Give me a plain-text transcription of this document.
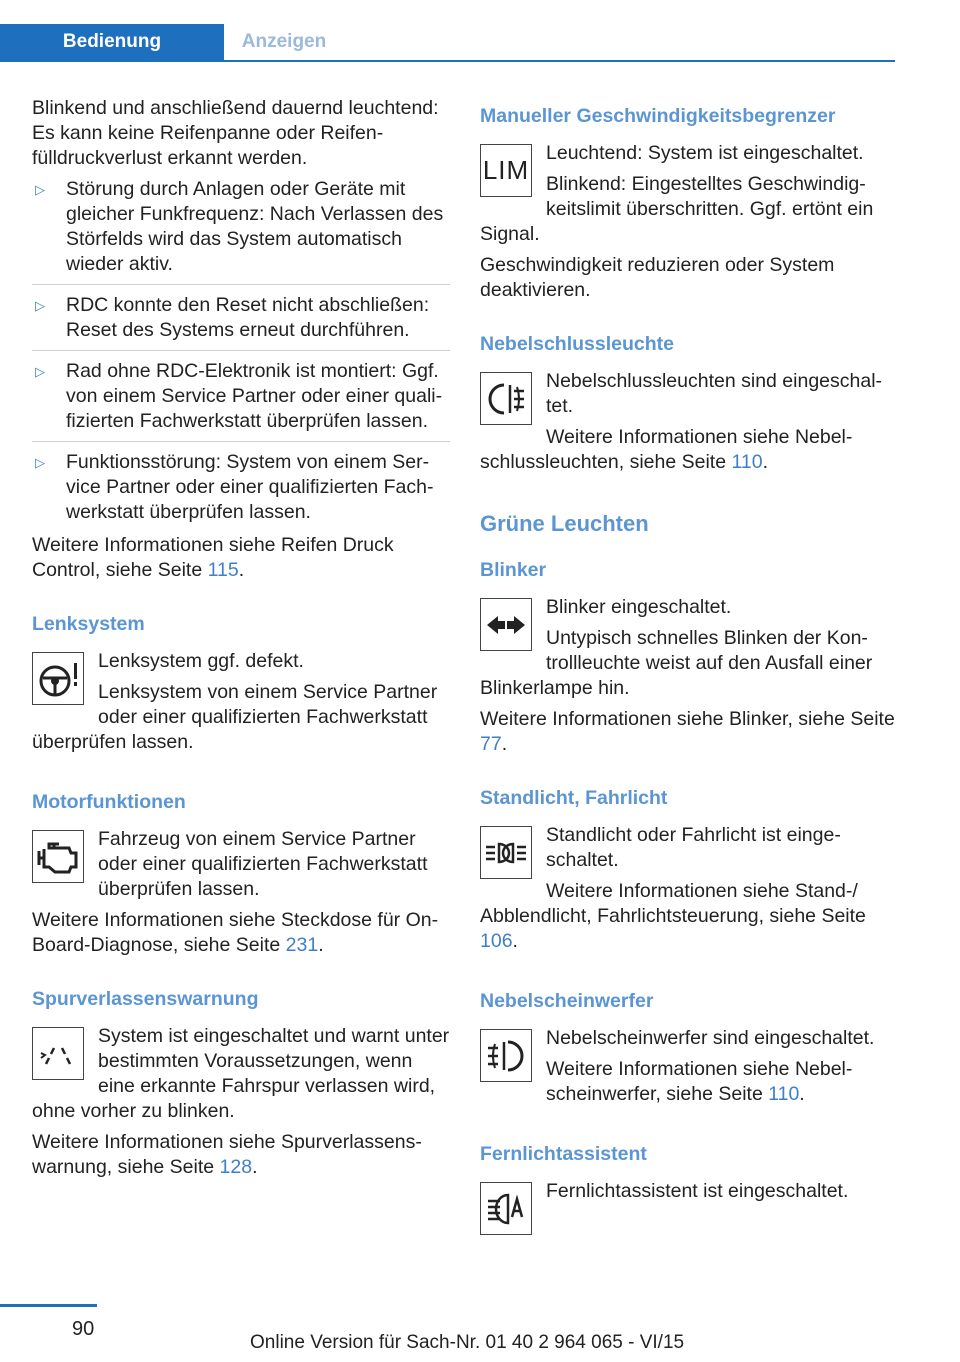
Bedienung	Anzeigen

Blinkend und anschließend dauernd leuchtend: Es kann keine Reifenpanne oder Reifenfülldruckverlust erkannt werden.

▷ Störung durch Anlagen oder Geräte mit gleicher Funkfrequenz: Nach Verlassen des Störfelds wird das System automatisch wieder aktiv.
▷ RDC konnte den Reset nicht abschließen: Reset des Systems erneut durchführen.
▷ Rad ohne RDC-Elektronik ist montiert: Ggf. von einem Service Partner oder einer qualifizierten Fachwerkstatt überprüfen lassen.
▷ Funktionsstörung: System von einem Service Partner oder einer qualifizierten Fachwerkstatt überprüfen lassen.

Weitere Informationen siehe Reifen Druck Control, siehe Seite 115.

Lenksystem

Lenksystem ggf. defekt.

Lenksystem von einem Service Partner oder einer qualifizierten Fachwerkstatt überprüfen lassen.

Motorfunktionen

Fahrzeug von einem Service Partner oder einer qualifizierten Fachwerkstatt überprüfen lassen.

Weitere Informationen siehe Steckdose für On-Board-Diagnose, siehe Seite 231.

Spurverlassenswarnung

System ist eingeschaltet und warnt unter bestimmten Voraussetzungen, wenn eine erkannte Fahrspur verlassen wird, ohne vorher zu blinken.

Weitere Informationen siehe Spurverlassenswarnung, siehe Seite 128.

Manueller Geschwindigkeitsbegrenzer
LIM

Leuchtend: System ist eingeschaltet.

Blinkend: Eingestelltes Geschwindigkeitslimit überschritten. Ggf. ertönt ein Signal.

Geschwindigkeit reduzieren oder System deaktivieren.

Nebelschlussleuchte

Nebelschlussleuchten sind eingeschaltet.

Weitere Informationen siehe Nebelschlussleuchten, siehe Seite 110.

Grüne Leuchten
Blinker

Blinker eingeschaltet.

Untypisch schnelles Blinken der Kontrollleuchte weist auf den Ausfall einer Blinkerlampe hin.

Weitere Informationen siehe Blinker, siehe Seite 77.

Standlicht, Fahrlicht

Standlicht oder Fahrlicht ist eingeschaltet.

Weitere Informationen siehe Stand-/ Abblendlicht, Fahrlichtsteuerung, siehe Seite 106.

Nebelscheinwerfer

Nebelscheinwerfer sind eingeschaltet.

Weitere Informationen siehe Nebelscheinwerfer, siehe Seite 110.

Fernlichtassistent

Fernlichtassistent ist eingeschaltet.

90
Online Version für Sach-Nr. 01 40 2 964 065 - VI/15
